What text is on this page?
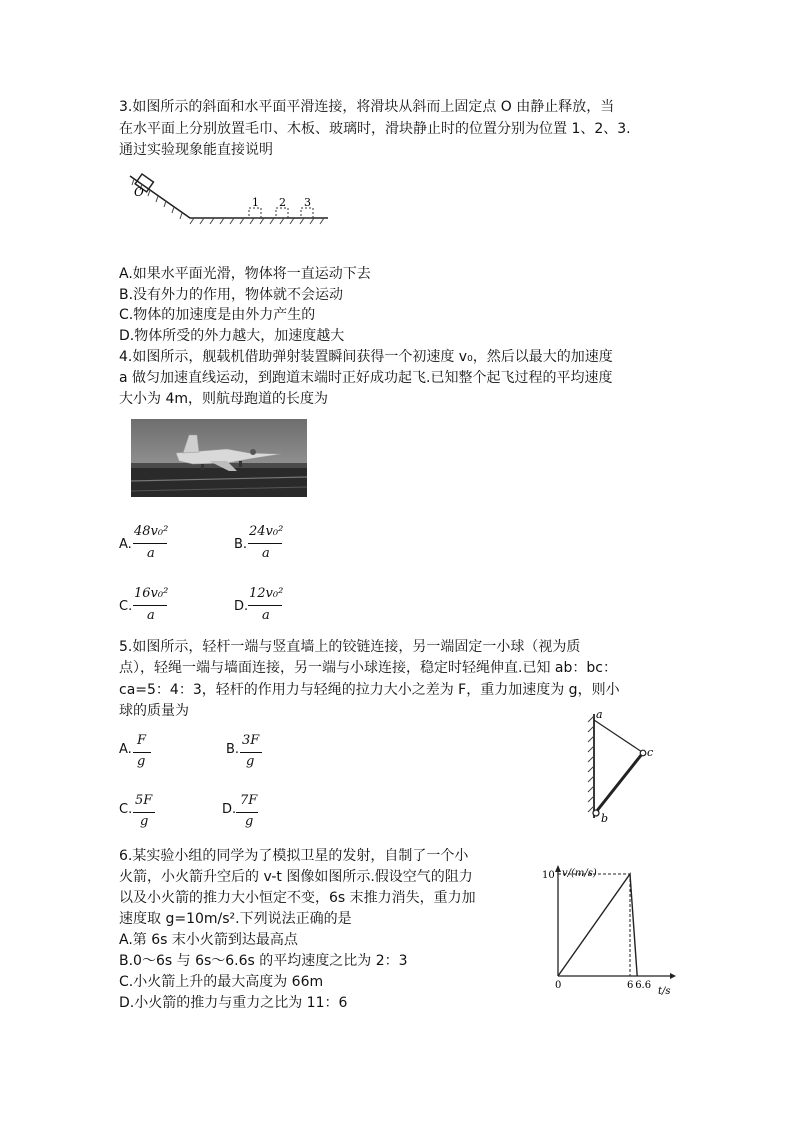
3.如图所示的斜面和水平面平滑连接，将滑块从斜而上固定点 O 由静止释放，当
在水平面上分别放置毛巾、木板、玻璃时，滑块静止时的位置分别为位置 1、2、3.
通过实验现象能直接说明
O
1 2 3
A.如果水平面光滑，物体将一直运动下去
B.没有外力的作用，物体就不会运动
C.物体的加速度是由外力产生的
D.物体所受的外力越大，加速度越大
4.如图所示，舰载机借助弹射装置瞬间获得一个初速度 v₀，然后以最大的加速度
a 做匀加速直线运动，到跑道末端时正好成功起飞.已知整个起飞过程的平均速度
大小为 4m，则航母跑道的长度为
A.
48v₀²
a
B.
24v₀²
a
C.
16v₀²
a
D.
12v₀²
a
5.如图所示，轻杆一端与竖直墙上的铰链连接，另一端固定一小球（视为质
点），轻绳一端与墙面连接，另一端与小球连接，稳定时轻绳伸直.已知 ab：bc：
ca=5：4：3，轻杆的作用力与轻绳的拉力大小之差为 F，重力加速度为 g，则小
球的质量为	a
c
b
A.
F
g
B.
3F
g
C.
5F
g
D.
7F
g
6.某实验小组的同学为了模拟卫星的发射，自制了一个小
火箭，小火箭升空后的 v-t 图像如图所示.假设空气的阻力
以及小火箭的推力大小恒定不变，6s 末推力消失，重力加
速度取 g=10m/s².下列说法正确的是
A.第 6s 末小火箭到达最高点
B.0～6s 与 6s～6.6s 的平均速度之比为 2：3
C.小火箭上升的最大高度为 66m
D.小火箭的推力与重力之比为 11：6
v/(m/s)
t/s
0	6 6.6
10
